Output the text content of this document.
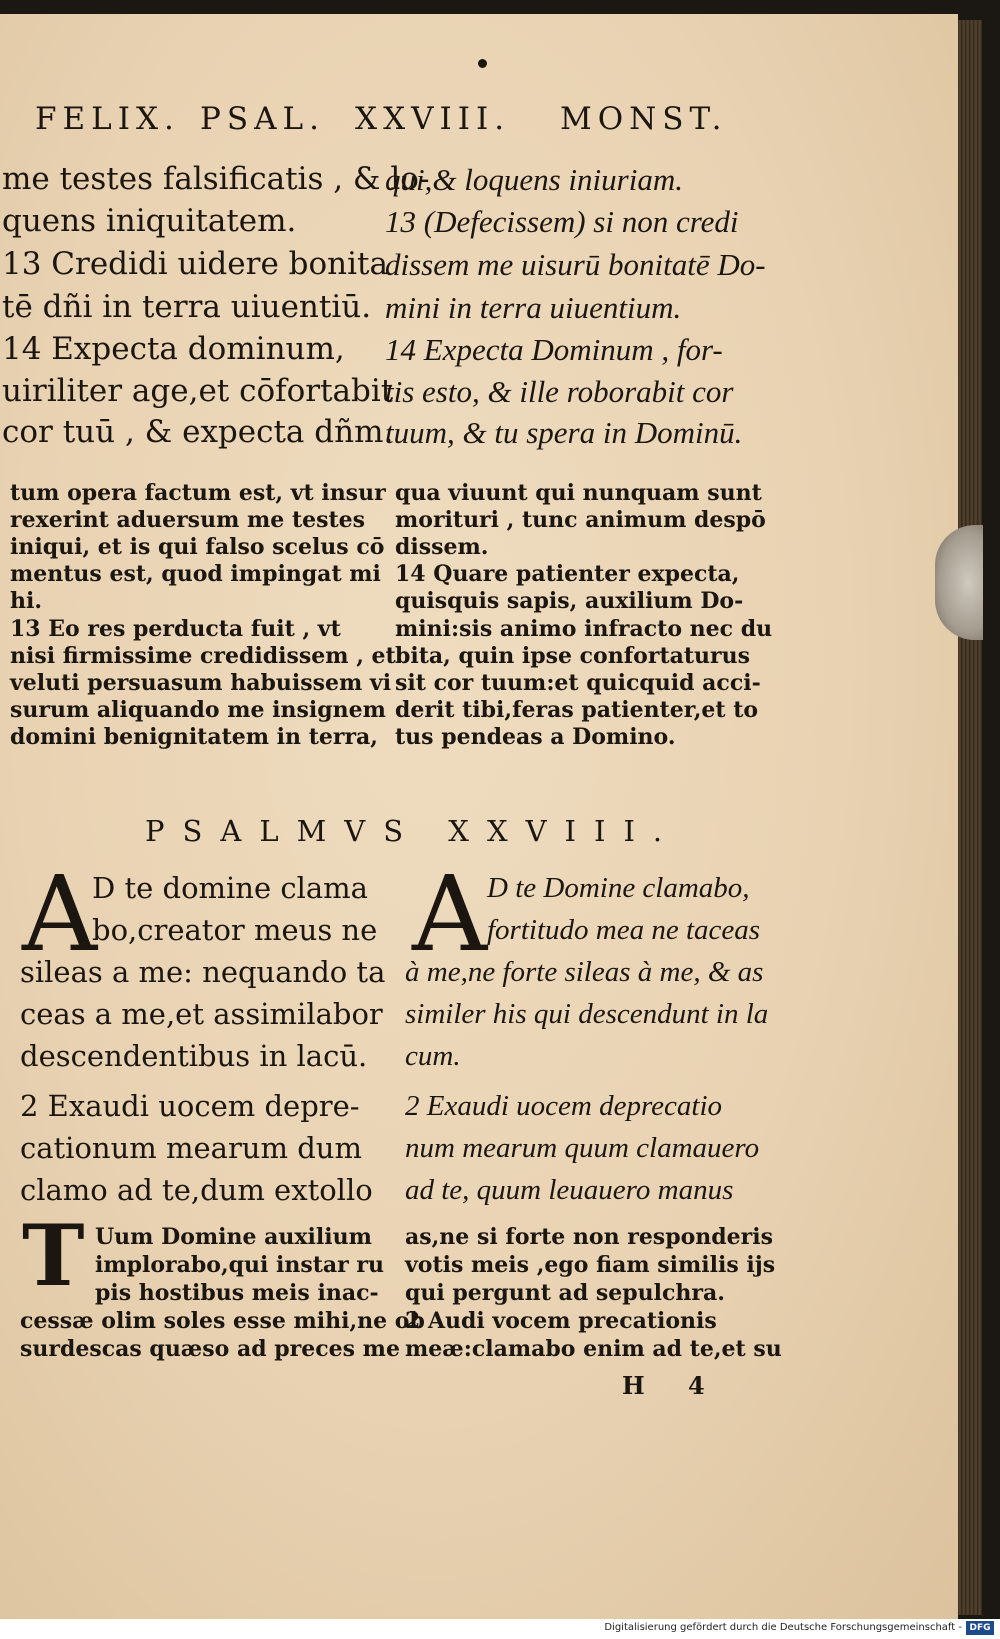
FELIX. PSAL. XXVIII. MONST.
me testes falsificatis , & lo-
quens iniquitatem.
13 Credidi uidere bonita
tē dñi in terra uiuentiū.
14 Expecta dominum,
uiriliter age,et cōfortabit
cor tuū , & expecta dñm.
qui,& loquens iniuriam.
13 (Defecissem) si non credi
dissem me uisurū bonitatē Do-
mini in terra uiuentium.
14 Expecta Dominum , for-
tis esto, & ille roborabit cor
tuum, & tu spera in Dominū.
tum opera factum est, vt insur
rexerint aduersum me testes
iniqui, et is qui falso scelus cō
mentus est, quod impingat mi
hi.
13 Eo res perducta fuit , vt
nisi firmissime credidissem , et
veluti persuasum habuissem vi
surum aliquando me insignem
domini benignitatem in terra,
qua viuunt qui nunquam sunt
morituri , tunc animum despō
dissem.
14 Quare patienter expecta,
quisquis sapis, auxilium Do-
mini:sis animo infracto nec du
bita, quin ipse confortaturus
sit cor tuum:et quicquid acci-
derit tibi,feras patienter,et to
tus pendeas a Domino.
PSALMVS XXVIII.
A
D te domine clama
bo,creator meus ne
sileas a me: nequando ta
ceas a me,et assimilabor
descendentibus in lacū.
2 Exaudi uocem depre-
cationum mearum dum
clamo ad te,dum extollo
A D te Domine clamabo,
fortitudo mea ne taceas
à me,ne forte sileas à me, & as
similer his qui descendunt in la
cum.
2 Exaudi uocem deprecatio
num mearum quum clamauero
ad te, quum leuauero manus
T Uum Domine auxilium
implorabo,qui instar ru
pis hostibus meis inac-
cessæ olim soles esse mihi,ne ob
surdescas quæso ad preces me
as,ne si forte non responderis
votis meis ,ego fiam similis ijs
qui pergunt ad sepulchra.
2 Audi vocem precationis
meæ:clamabo enim ad te,et su
H 4
Digitalisierung gefördert durch die Deutsche Forschungsgemeinschaft - DFG
